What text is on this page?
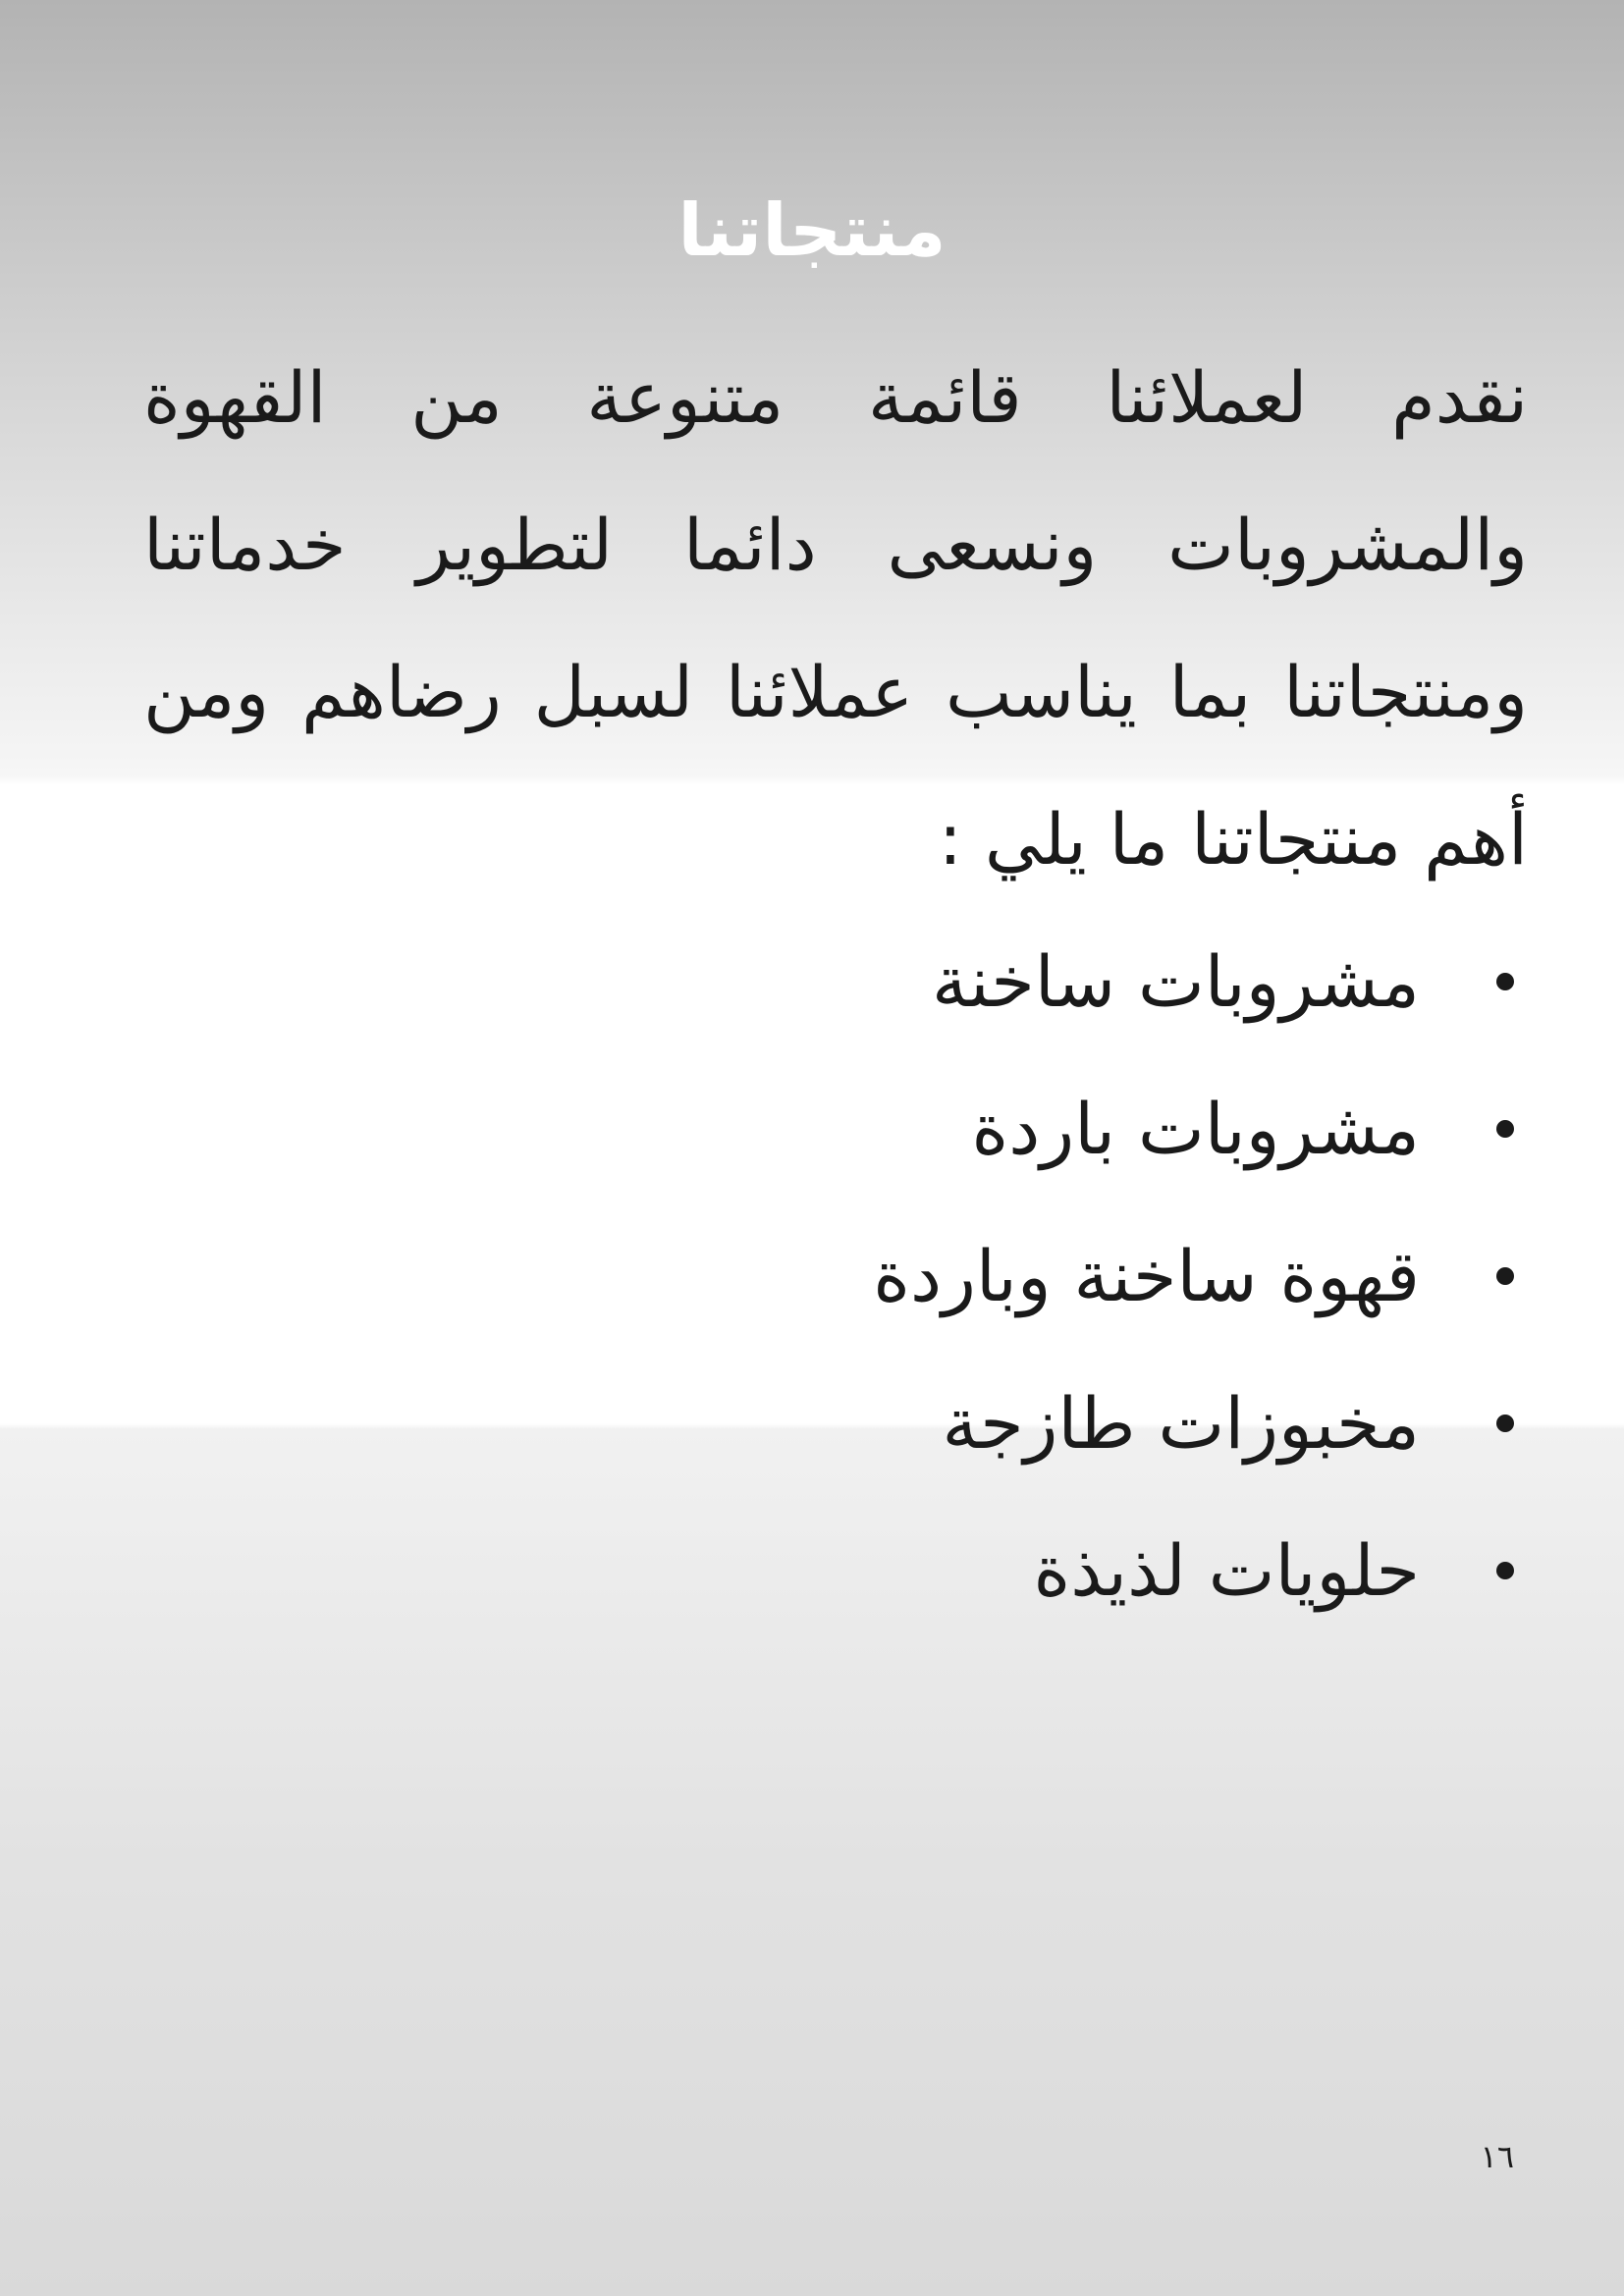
منتجاتنا

نقدم لعملائنا قائمة متنوعة من القهوة والمشروبات ونسعى دائما لتطوير خدماتنا ومنتجاتنا بما يناسب عملائنا لسبل رضاهم ومن أهم منتجاتنا ما يلي :

مشروبات ساخنة
مشروبات باردة
قهوة ساخنة وباردة
مخبوزات طازجة
حلويات لذيذة
١٦
